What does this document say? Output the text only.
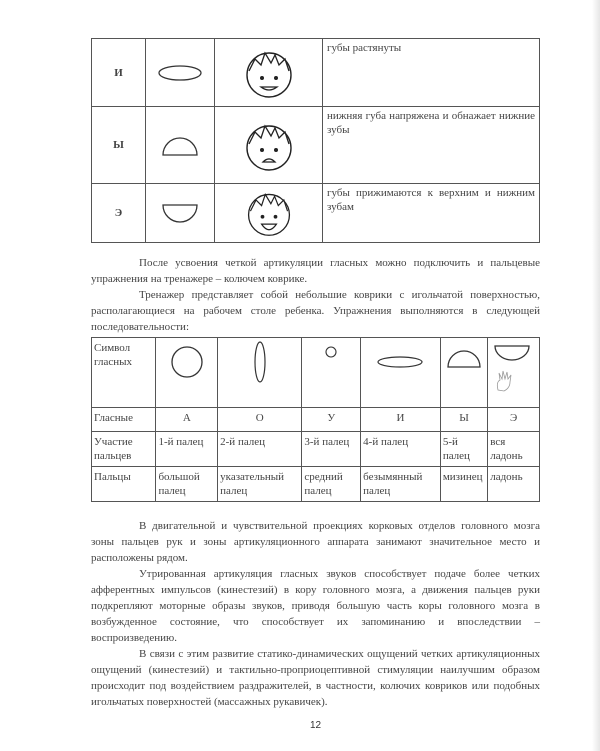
И			губы растянуты
Ы			нижняя губа напряжена и обнажает нижние зубы
Э			губы прижимаются к верхним и нижним зубам

После усвоения четкой артикуляции гласных можно подключить и пальцевые упражнения на тренажере – колючем коврике.

Тренажер представляет собой небольшие коврики с игольчатой поверхностью, располагающиеся на рабочем столе ребенка. Упражнения выполняются в следующей последовательности:

Символ гласных	

Гласные	А	О	У	И	Ы	Э
Участие пальцев	1-й палец	2-й палец	3-й палец	4-й палец	5-й палец	вся ладонь
Пальцы	большой палец	указательный палец	средний палец	безымянный палец	мизинец	ладонь

В двигательной и чувствительной проекциях корковых отделов головного мозга зоны пальцев рук и зоны артикуляционного аппарата занимают значительное место и расположены рядом.

Утрированная артикуляция гласных звуков способствует подаче более четких афферентных импульсов (кинестезий) в кору головного мозга, а движения пальцев руки подкрепляют моторные образы звуков, приводя большую часть коры головного мозга в возбужденное состояние, что способствует их запоминанию и впоследствии – воспроизведению.

В связи с этим развитие статико-динамических ощущений четких артикуляционных ощущений (кинестезий) и тактильно-проприоцептивной стимуляции наилучшим образом происходит под воздействием раздражителей, в частности, колючих ковриков или подобных игольчатых поверхностей (массажных рукавичек).

12
